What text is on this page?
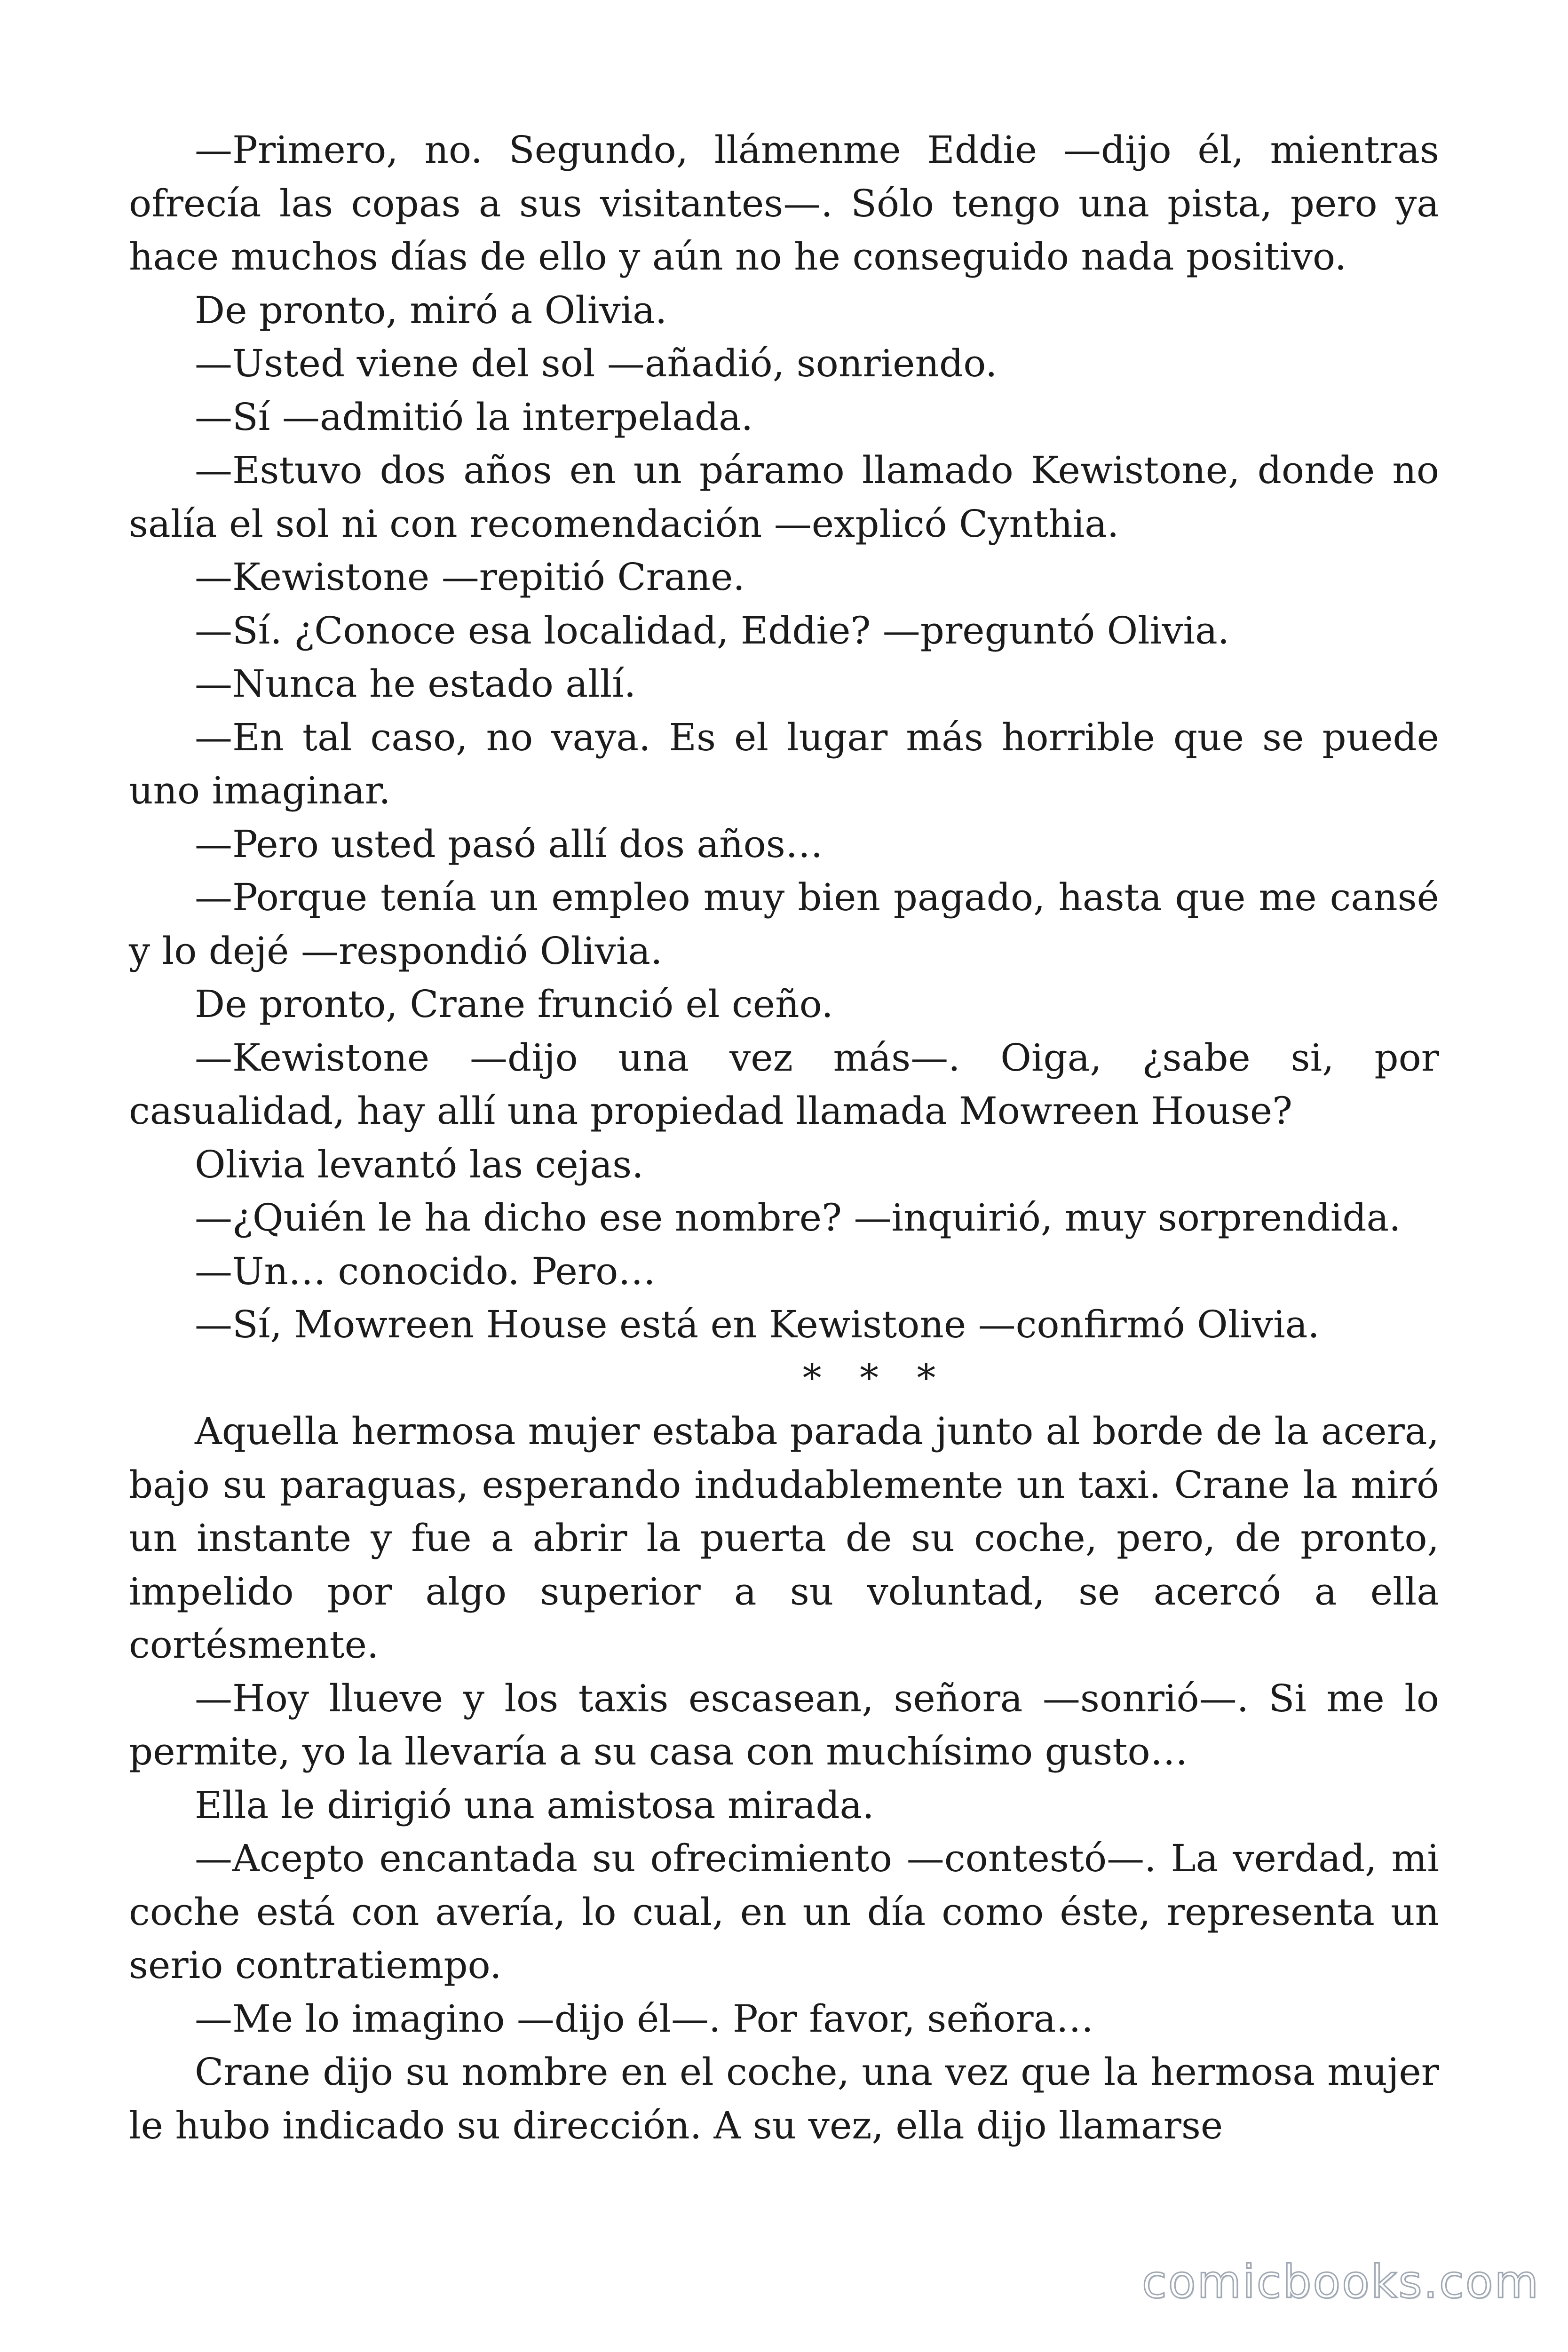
—Primero, no. Segundo, llámenme Eddie —dijo él, mientras ofrecía las copas a sus visitantes—. Sólo tengo una pista, pero ya hace muchos días de ello y aún no he conseguido nada positivo.

De pronto, miró a Olivia.

—Usted viene del sol —añadió, sonriendo.

—Sí —admitió la interpelada.

—Estuvo dos años en un páramo llamado Kewistone, donde no salía el sol ni con recomendación —explicó Cynthia.

—Kewistone —repitió Crane.

—Sí. ¿Conoce esa localidad, Eddie? —preguntó Olivia.

—Nunca he estado allí.

—En tal caso, no vaya. Es el lugar más horrible que se puede uno imaginar.

—Pero usted pasó allí dos años…

—Porque tenía un empleo muy bien pagado, hasta que me cansé y lo dejé —respondió Olivia.

De pronto, Crane frunció el ceño.

—Kewistone —dijo una vez más—. Oiga, ¿sabe si, por casualidad, hay allí una propiedad llamada Mowreen House?

Olivia levantó las cejas.

—¿Quién le ha dicho ese nombre? —inquirió, muy sorprendida.

—Un… conocido. Pero…

—Sí, Mowreen House está en Kewistone —confirmó Olivia.

* * *

Aquella hermosa mujer estaba parada junto al borde de la acera, bajo su paraguas, esperando indudablemente un taxi. Crane la miró un instante y fue a abrir la puerta de su coche, pero, de pronto, impelido por algo superior a su voluntad, se acercó a ella cortésmente.

—Hoy llueve y los taxis escasean, señora —sonrió—. Si me lo permite, yo la llevaría a su casa con muchísimo gusto…

Ella le dirigió una amistosa mirada.

—Acepto encantada su ofrecimiento —contestó—. La verdad, mi coche está con avería, lo cual, en un día como éste, representa un serio contratiempo.

—Me lo imagino —dijo él—. Por favor, señora…

Crane dijo su nombre en el coche, una vez que la hermosa mujer le hubo indicado su dirección. A su vez, ella dijo llamarse

comicbooks.com
